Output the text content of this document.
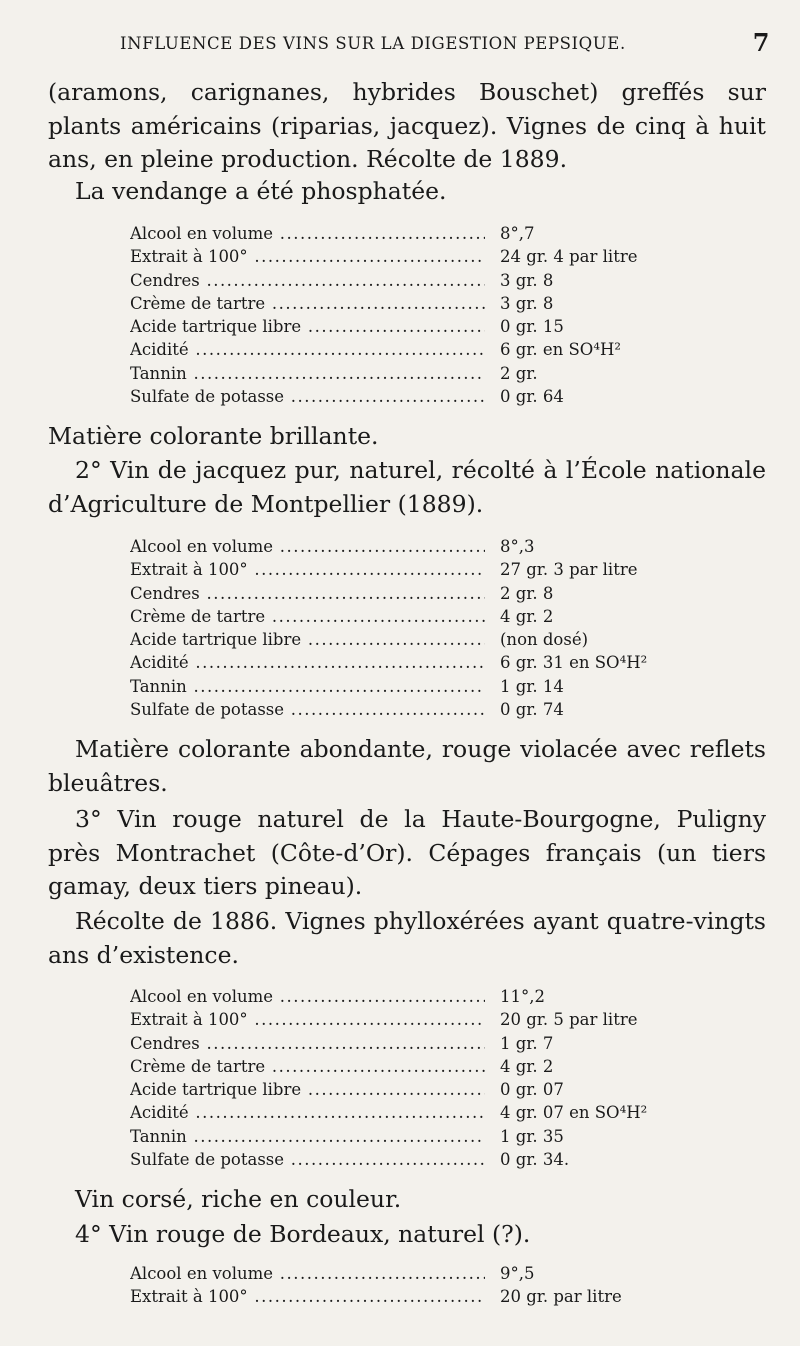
INFLUENCE DES VINS SUR LA DIGESTION PEPSIQUE.	7
(aramons, carignanes, hybrides Bouschet) greffés sur plants américains (riparias, jacquez). Vignes de cinq à huit ans, en pleine production. Récolte de 1889.
La vendange a été phosphatée.
Alcool en volume .....	8°,7
Extrait à 100° .....	24 gr. 4 par litre
Cendres .....	3 gr. 8
Crème de tartre .....	3 gr. 8
Acide tartrique libre .....	0 gr. 15
Acidité .....	6 gr. en SO⁴H²
Tannin .....	2 gr.
Sulfate de potasse .....	0 gr. 64
Matière colorante brillante.
2° Vin de jacquez pur, naturel, récolté à l’École nationale d’Agriculture de Montpellier (1889).
Alcool en volume .....	8°,3
Extrait à 100° .....	27 gr. 3 par litre
Cendres .....	2 gr. 8
Crème de tartre .....	4 gr. 2
Acide tartrique libre .....	(non dosé)
Acidité .....	6 gr. 31 en SO⁴H²
Tannin .....	1 gr. 14
Sulfate de potasse .....	0 gr. 74
Matière colorante abondante, rouge violacée avec reflets bleuâtres.
3° Vin rouge naturel de la Haute-Bourgogne, Puligny près Montrachet (Côte-d’Or). Cépages français (un tiers gamay, deux tiers pineau).
Récolte de 1886. Vignes phylloxérées ayant quatre-vingts ans d’existence.
Alcool en volume .....	11°,2
Extrait à 100° .....	20 gr. 5 par litre
Cendres .....	1 gr. 7
Crème de tartre .....	4 gr. 2
Acide tartrique libre .....	0 gr. 07
Acidité .....	4 gr. 07 en SO⁴H²
Tannin .....	1 gr. 35
Sulfate de potasse .....	0 gr. 34.
Vin corsé, riche en couleur.
4° Vin rouge de Bordeaux, naturel (?).
Alcool en volume .....	9°,5
Extrait à 100° .....	20 gr. par litre
